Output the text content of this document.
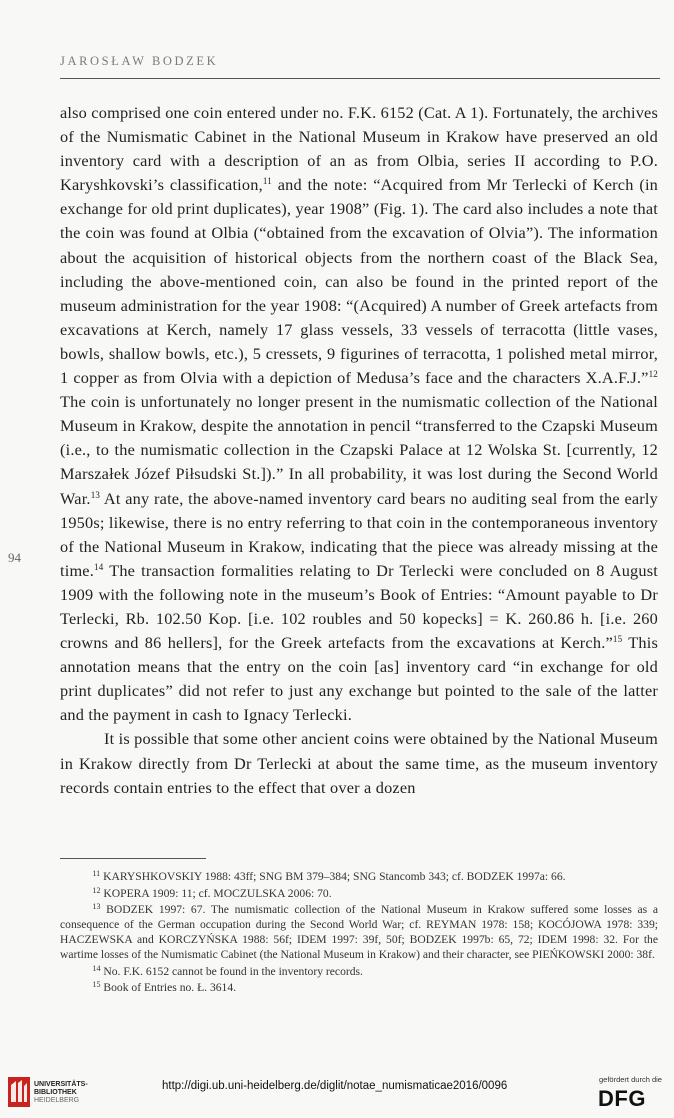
JAROSŁAW BODZEK
94

also comprised one coin entered under no. F.K. 6152 (Cat. A 1). Fortunately, the archives of the Numismatic Cabinet in the National Museum in Krakow have preserved an old inventory card with a description of an as from Olbia, series II according to P.O. Karyshkovski’s classification,$^{11}$ and the note: “Acquired from Mr Terlecki of Kerch (in exchange for old print duplicates), year 1908” (Fig. 1). The card also includes a note that the coin was found at Olbia (“obtained from the excavation of Olvia”). The information about the acquisition of historical objects from the northern coast of the Black Sea, including the above-mentioned coin, can also be found in the printed report of the museum administration for the year 1908: “(Acquired) A number of Greek artefacts from excavations at Kerch, namely 17 glass vessels, 33 vessels of terracotta (little vases, bowls, shallow bowls, etc.), 5 cressets, 9 figurines of terracotta, 1 polished metal mirror, 1 copper as from Olvia with a depiction of Medusa’s face and the characters X.A.F.J.”$^{12}$ The coin is unfortunately no longer present in the numismatic collection of the National Museum in Krakow, despite the annotation in pencil “transferred to the Czapski Museum (i.e., to the numismatic collection in the Czapski Palace at 12 Wolska St. [currently, 12 Marszałek Józef Piłsudski St.]).” In all probability, it was lost during the Second World War.$^{13}$ At any rate, the above-named inventory card bears no auditing seal from the early 1950s; likewise, there is no entry referring to that coin in the contemporaneous inventory of the National Museum in Krakow, indicating that the piece was already missing at the time.$^{14}$ The transaction formalities relating to Dr Terlecki were concluded on 8 August 1909 with the following note in the museum’s Book of Entries: “Amount payable to Dr Terlecki, Rb. 102.50 Kop. [i.e. 102 roubles and 50 kopecks] = K. 260.86 h. [i.e. 260 crowns and 86 hellers], for the Greek artefacts from the excavations at Kerch.”$^{15}$ This annotation means that the entry on the coin [as] inventory card “in exchange for old print duplicates” did not refer to just any exchange but pointed to the sale of the latter and the payment in cash to Ignacy Terlecki.

It is possible that some other ancient coins were obtained by the National Museum in Krakow directly from Dr Terlecki at about the same time, as the museum inventory records contain entries to the effect that over a dozen

$^{11}$ KARYSHKOVSKIY 1988: 43ff; SNG BM 379–384; SNG Stancomb 343; cf. BODZEK 1997a: 66.

$^{12}$ KOPERA 1909: 11; cf. MOCZULSKA 2006: 70.

$^{13}$ BODZEK 1997: 67. The numismatic collection of the National Museum in Krakow suffered some losses as a consequence of the German occupation during the Second World War; cf. REYMAN 1978: 158; KOCÓJOWA 1978: 339; HACZEWSKA and KORCZYŃSKA 1988: 56f; IDEM 1997: 39f, 50f; BODZEK 1997b: 65, 72; IDEM 1998: 32. For the wartime losses of the Numismatic Cabinet (the National Museum in Krakow) and their character, see PIEŃKOWSKI 2000: 38f.

$^{14}$ No. F.K. 6152 cannot be found in the inventory records.

$^{15}$ Book of Entries no. Ł. 3614.

UNIVERSITÄTS-
BIBLIOTHEK
HEIDELBERG
http://digi.ub.uni-heidelberg.de/diglit/notae_numismaticae2016/0096
gefördert durch die
DFG
